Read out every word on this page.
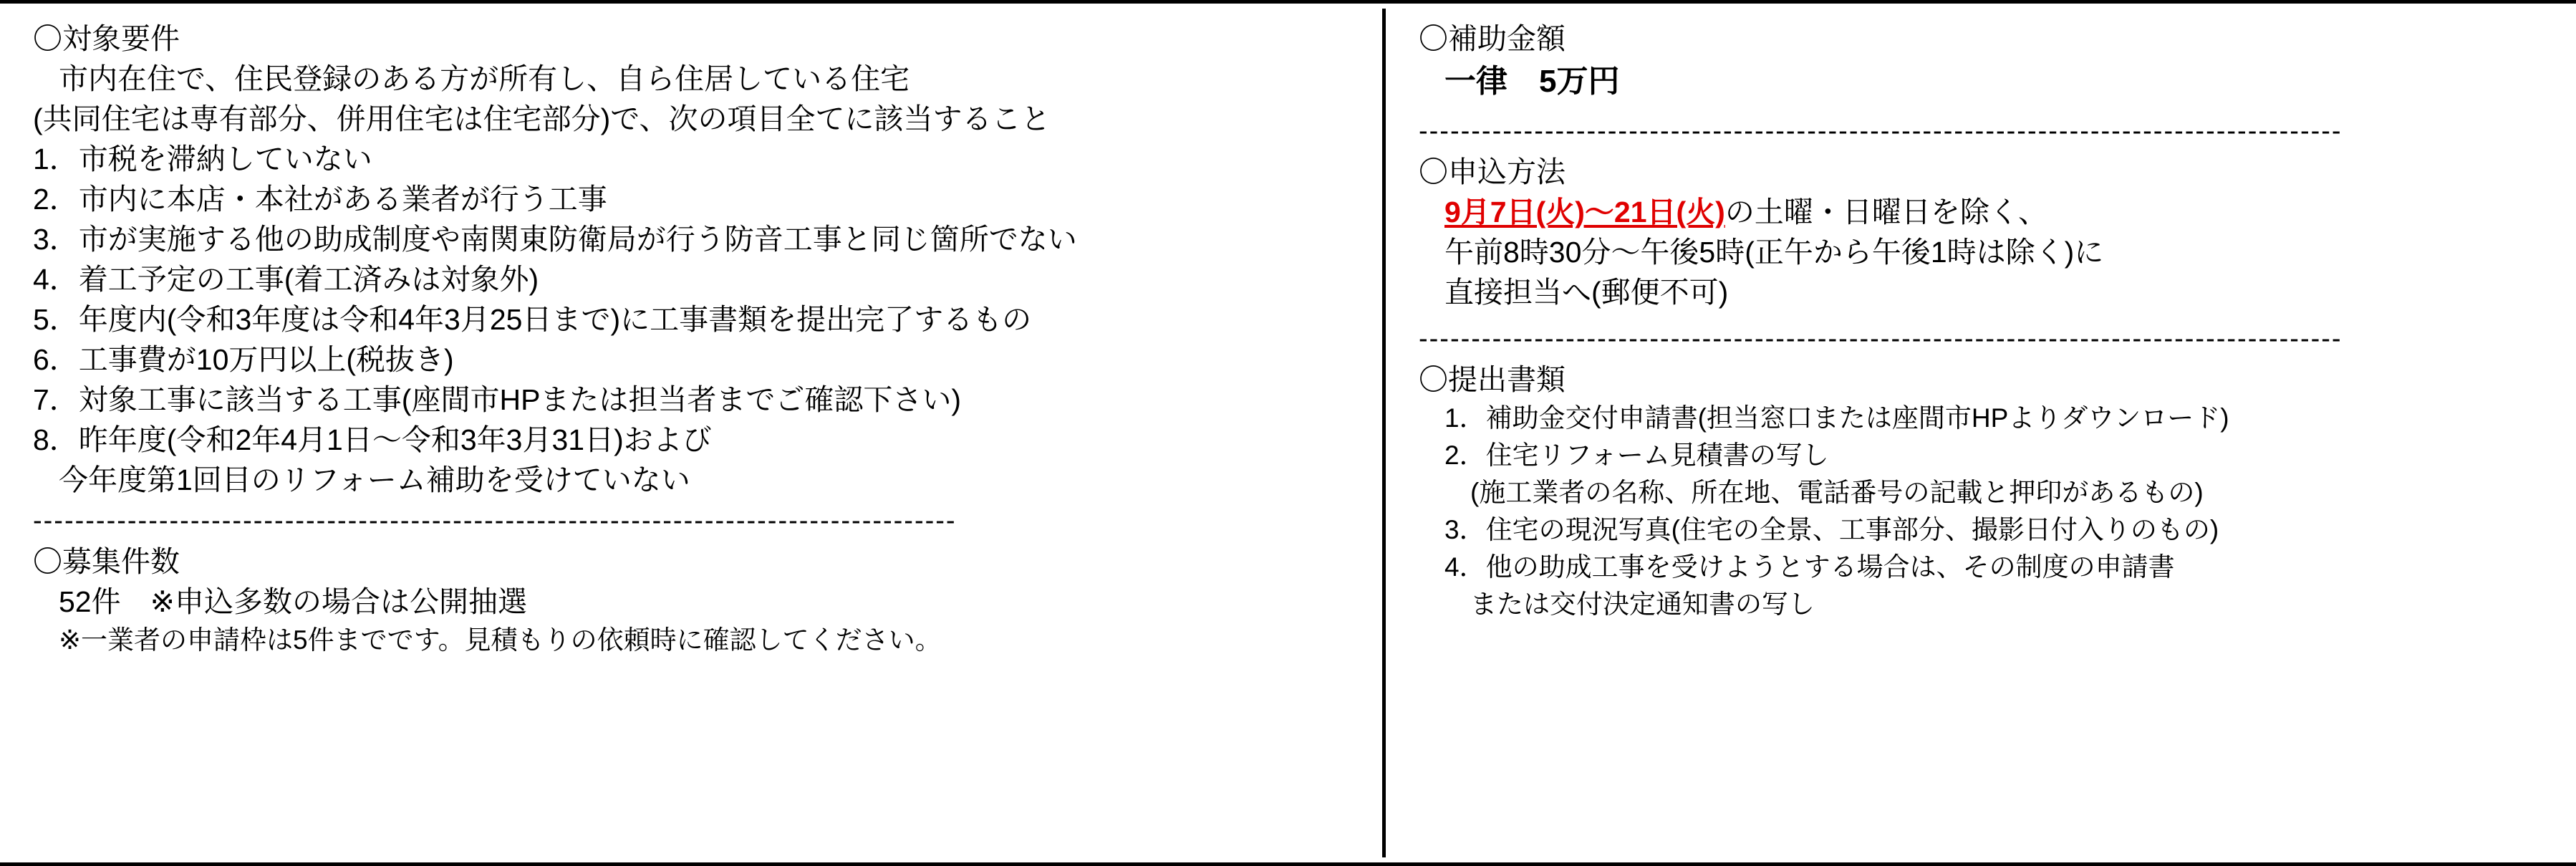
〇対象要件
市内在住で、住民登録のある方が所有し、自ら住居している住宅
(共同住宅は専有部分、併用住宅は住宅部分)で、次の項目全てに該当すること
1．市税を滞納していない
2．市内に本店・本社がある業者が行う工事
3．市が実施する他の助成制度や南関東防衛局が行う防音工事と同じ箇所でない
4．着工予定の工事(着工済みは対象外)
5．年度内(令和3年度は令和4年3月25日まで)に工事書類を提出完了するもの
6．工事費が10万円以上(税抜き)
7．対象工事に該当する工事(座間市HPまたは担当者までご確認下さい)
8．昨年度(令和2年4月1日〜令和3年3月31日)および
今年度第1回目のリフォーム補助を受けていない
‑‑‑‑‑‑‑‑‑‑‑‑‑‑‑‑‑‑‑‑‑‑‑‑‑‑‑‑‑‑‑‑‑‑‑‑‑‑‑‑‑‑‑‑‑‑‑‑‑‑‑‑‑‑‑‑‑‑‑‑‑‑‑‑‑‑‑‑‑‑‑‑‑‑‑‑‑‑‑‑‑‑‑‑‑‑‑‑
〇募集件数
52件　※申込多数の場合は公開抽選
※一業者の申請枠は5件までです。見積もりの依頼時に確認してください。
〇補助金額
一律　5万円
‑‑‑‑‑‑‑‑‑‑‑‑‑‑‑‑‑‑‑‑‑‑‑‑‑‑‑‑‑‑‑‑‑‑‑‑‑‑‑‑‑‑‑‑‑‑‑‑‑‑‑‑‑‑‑‑‑‑‑‑‑‑‑‑‑‑‑‑‑‑‑‑‑‑‑‑‑‑‑‑‑‑‑‑‑‑‑‑
〇申込方法
9月7日(火)〜21日(火)の土曜・日曜日を除く、
午前8時30分〜午後5時(正午から午後1時は除く)に
直接担当へ(郵便不可)
‑‑‑‑‑‑‑‑‑‑‑‑‑‑‑‑‑‑‑‑‑‑‑‑‑‑‑‑‑‑‑‑‑‑‑‑‑‑‑‑‑‑‑‑‑‑‑‑‑‑‑‑‑‑‑‑‑‑‑‑‑‑‑‑‑‑‑‑‑‑‑‑‑‑‑‑‑‑‑‑‑‑‑‑‑‑‑‑
〇提出書類
1．補助金交付申請書(担当窓口または座間市HPよりダウンロード)
2．住宅リフォーム見積書の写し
(施工業者の名称、所在地、電話番号の記載と押印があるもの)
3．住宅の現況写真(住宅の全景、工事部分、撮影日付入りのもの)
4．他の助成工事を受けようとする場合は、その制度の申請書
または交付決定通知書の写し
